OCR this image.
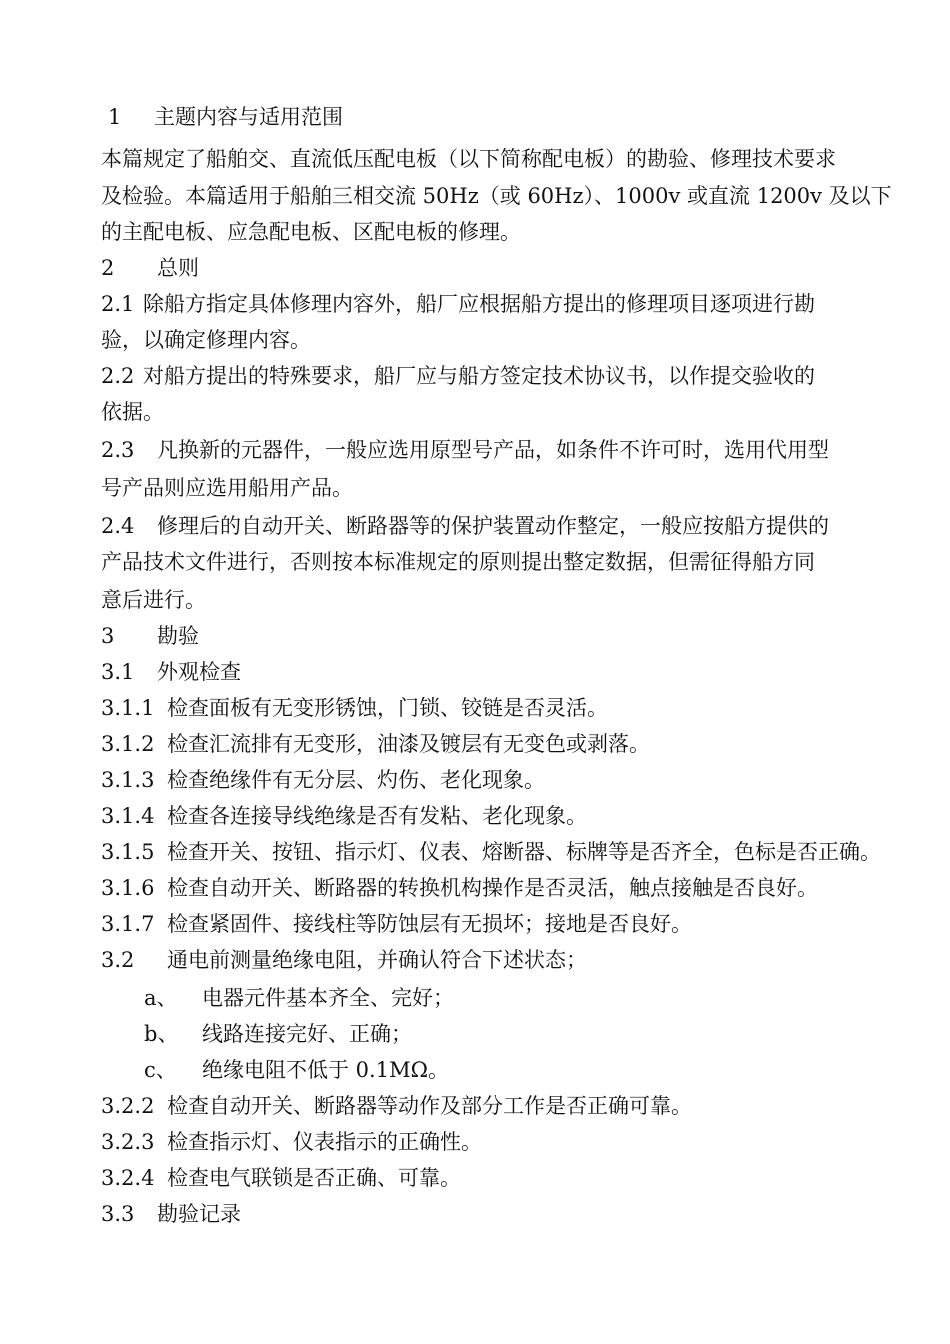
1 主题内容与适用范围
本篇规定了船舶交、直流低压配电板（以下简称配电板）的勘验、修理技术要求
及检验。本篇适用于船舶三相交流 50Hz（或 60Hz）、1000v 或直流 1200v 及以下
的主配电板、应急配电板、区配电板的修理。
2 总则
2.1 除船方指定具体修理内容外，船厂应根据船方提出的修理项目逐项进行勘
验，以确定修理内容。
2.2 对船方提出的特殊要求，船厂应与船方签定技术协议书，以作提交验收的
依据。
2.3 凡换新的元器件，一般应选用原型号产品，如条件不许可时，选用代用型
号产品则应选用船用产品。
2.4 修理后的自动开关、断路器等的保护装置动作整定，一般应按船方提供的
产品技术文件进行，否则按本标准规定的原则提出整定数据，但需征得船方同
意后进行。
3 勘验
3.1 外观检查
3.1.1 检查面板有无变形锈蚀，门锁、铰链是否灵活。
3.1.2 检查汇流排有无变形，油漆及镀层有无变色或剥落。
3.1.3 检查绝缘件有无分层、灼伤、老化现象。
3.1.4 检查各连接导线绝缘是否有发粘、老化现象。
3.1.5 检查开关、按钮、指示灯、仪表、熔断器、标牌等是否齐全，色标是否正确。
3.1.6 检查自动开关、断路器的转换机构操作是否灵活，触点接触是否良好。
3.1.7 检查紧固件、接线柱等防蚀层有无损坏；接地是否良好。
3.2 通电前测量绝缘电阻，并确认符合下述状态；
a、 电器元件基本齐全、完好；
b、 线路连接完好、正确；
c、 绝缘电阻不低于 0.1MΩ。
3.2.2 检查自动开关、断路器等动作及部分工作是否正确可靠。
3.2.3 检查指示灯、仪表指示的正确性。
3.2.4 检查电气联锁是否正确、可靠。
3.3 勘验记录
